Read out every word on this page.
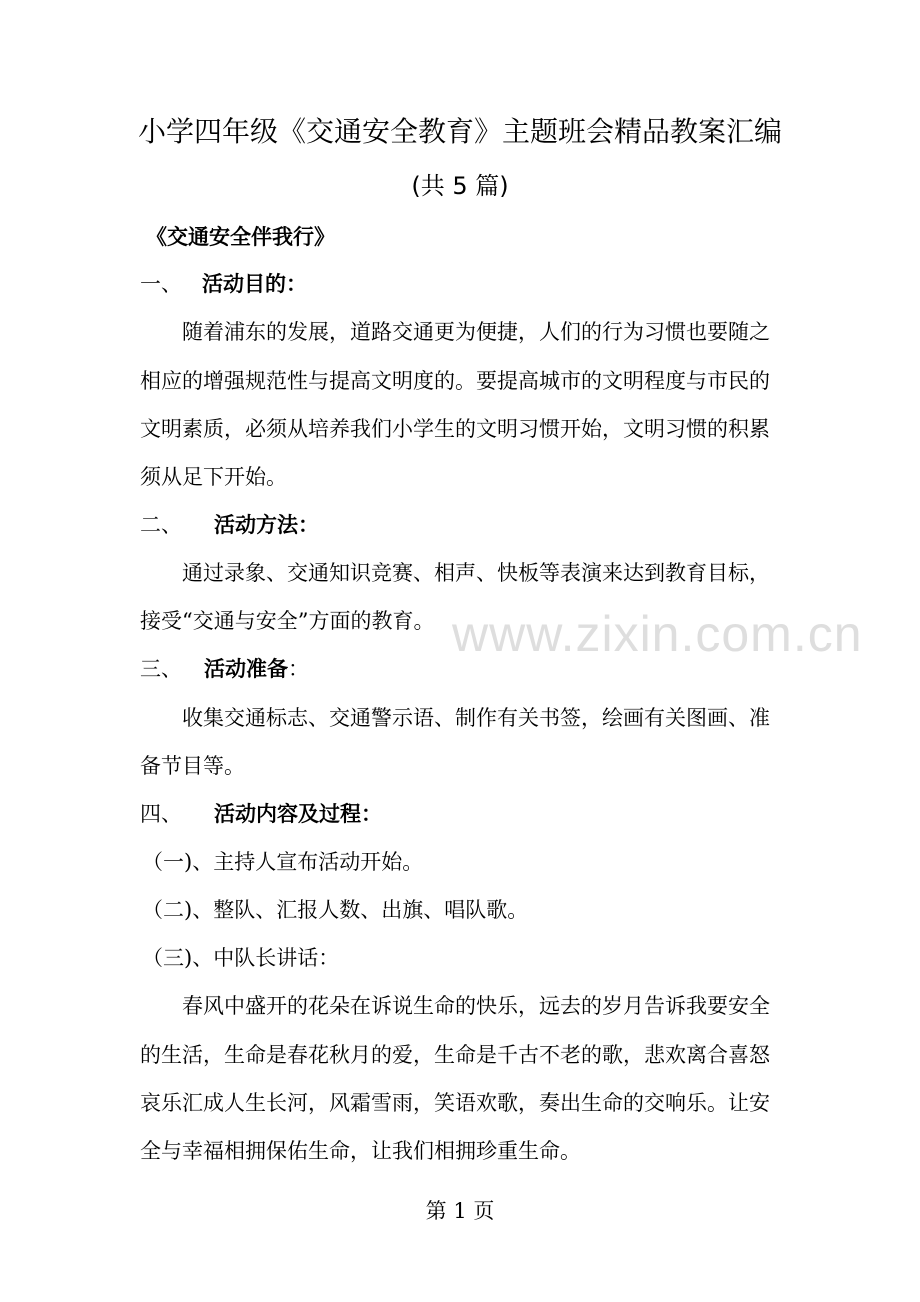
小学四年级《交通安全教育》主题班会精品教案汇编
(共 5 篇)
《交通安全伴我行》
一、 活动目的：
随着浦东的发展，道路交通更为便捷，人们的行为习惯也要随之
相应的增强规范性与提高文明度的。要提高城市的文明程度与市民的
文明素质，必须从培养我们小学生的文明习惯开始，文明习惯的积累
须从足下开始。
二、 活动方法：
通过录象、交通知识竞赛、相声、快板等表演来达到教育目标，
接受“交通与安全”方面的教育。
三、 活动准备：
收集交通标志、交通警示语、制作有关书签，绘画有关图画、准
备节目等。
四、 活动内容及过程：
（一)、主持人宣布活动开始。
（二)、整队、汇报人数、出旗、唱队歌。
（三)、中队长讲话：
春风中盛开的花朵在诉说生命的快乐，远去的岁月告诉我要安全
的生活，生命是春花秋月的爱，生命是千古不老的歌，悲欢离合喜怒
哀乐汇成人生长河，风霜雪雨，笑语欢歌，奏出生命的交响乐。让安
全与幸福相拥保佑生命，让我们相拥珍重生命。
www.zixin.com.cn
第 1 页
